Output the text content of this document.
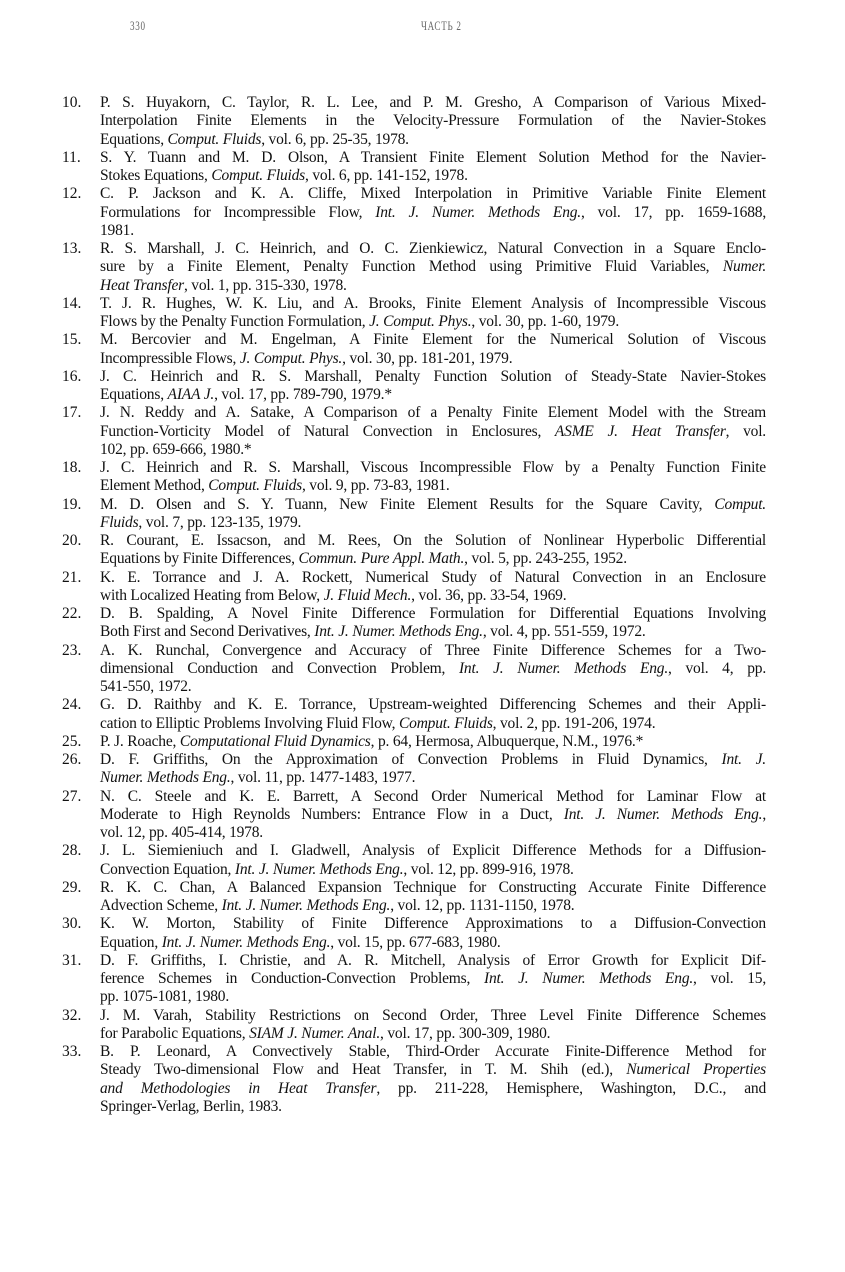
330	ЧАСТЬ 2
10. P. S. Huyakorn, C. Taylor, R. L. Lee, and P. M. Gresho, A Comparison of Various Mixed-
Interpolation Finite Elements in the Velocity-Pressure Formulation of the Navier-Stokes
Equations, Comput. Fluids, vol. 6, pp. 25-35, 1978.
11. S. Y. Tuann and M. D. Olson, A Transient Finite Element Solution Method for the Navier-
Stokes Equations, Comput. Fluids, vol. 6, pp. 141-152, 1978.
12. C. P. Jackson and K. A. Cliffe, Mixed Interpolation in Primitive Variable Finite Element
Formulations for Incompressible Flow, Int. J. Numer. Methods Eng., vol. 17, pp. 1659-1688,
1981.
13. R. S. Marshall, J. C. Heinrich, and O. C. Zienkiewicz, Natural Convection in a Square Enclo-
sure by a Finite Element, Penalty Function Method using Primitive Fluid Variables, Numer.
Heat Transfer, vol. 1, pp. 315-330, 1978.
14. T. J. R. Hughes, W. K. Liu, and A. Brooks, Finite Element Analysis of Incompressible Viscous
Flows by the Penalty Function Formulation, J. Comput. Phys., vol. 30, pp. 1-60, 1979.
15. M. Bercovier and M. Engelman, A Finite Element for the Numerical Solution of Viscous
Incompressible Flows, J. Comput. Phys., vol. 30, pp. 181-201, 1979.
16. J. C. Heinrich and R. S. Marshall, Penalty Function Solution of Steady-State Navier-Stokes
Equations, AIAA J., vol. 17, pp. 789-790, 1979.*
17. J. N. Reddy and A. Satake, A Comparison of a Penalty Finite Element Model with the Stream
Function-Vorticity Model of Natural Convection in Enclosures, ASME J. Heat Transfer, vol.
102, pp. 659-666, 1980.*
18. J. C. Heinrich and R. S. Marshall, Viscous Incompressible Flow by a Penalty Function Finite
Element Method, Comput. Fluids, vol. 9, pp. 73-83, 1981.
19. M. D. Olsen and S. Y. Tuann, New Finite Element Results for the Square Cavity, Comput.
Fluids, vol. 7, pp. 123-135, 1979.
20. R. Courant, E. Issacson, and M. Rees, On the Solution of Nonlinear Hyperbolic Differential
Equations by Finite Differences, Commun. Pure Appl. Math., vol. 5, pp. 243-255, 1952.
21. K. E. Torrance and J. A. Rockett, Numerical Study of Natural Convection in an Enclosure
with Localized Heating from Below, J. Fluid Mech., vol. 36, pp. 33-54, 1969.
22. D. B. Spalding, A Novel Finite Difference Formulation for Differential Equations Involving
Both First and Second Derivatives, Int. J. Numer. Methods Eng., vol. 4, pp. 551-559, 1972.
23. A. K. Runchal, Convergence and Accuracy of Three Finite Difference Schemes for a Two-
dimensional Conduction and Convection Problem, Int. J. Numer. Methods Eng., vol. 4, pp.
541-550, 1972.
24. G. D. Raithby and K. E. Torrance, Upstream-weighted Differencing Schemes and their Appli-
cation to Elliptic Problems Involving Fluid Flow, Comput. Fluids, vol. 2, pp. 191-206, 1974.
25. P. J. Roache, Computational Fluid Dynamics, p. 64, Hermosa, Albuquerque, N.M., 1976.*
26. D. F. Griffiths, On the Approximation of Convection Problems in Fluid Dynamics, Int. J.
Numer. Methods Eng., vol. 11, pp. 1477-1483, 1977.
27. N. C. Steele and K. E. Barrett, A Second Order Numerical Method for Laminar Flow at
Moderate to High Reynolds Numbers: Entrance Flow in a Duct, Int. J. Numer. Methods Eng.,
vol. 12, pp. 405-414, 1978.
28. J. L. Siemieniuch and I. Gladwell, Analysis of Explicit Difference Methods for a Diffusion-
Convection Equation, Int. J. Numer. Methods Eng., vol. 12, pp. 899-916, 1978.
29. R. K. C. Chan, A Balanced Expansion Technique for Constructing Accurate Finite Difference
Advection Scheme, Int. J. Numer. Methods Eng., vol. 12, pp. 1131-1150, 1978.
30. K. W. Morton, Stability of Finite Difference Approximations to a Diffusion-Convection
Equation, Int. J. Numer. Methods Eng., vol. 15, pp. 677-683, 1980.
31. D. F. Griffiths, I. Christie, and A. R. Mitchell, Analysis of Error Growth for Explicit Dif-
ference Schemes in Conduction-Convection Problems, Int. J. Numer. Methods Eng., vol. 15,
pp. 1075-1081, 1980.
32. J. M. Varah, Stability Restrictions on Second Order, Three Level Finite Difference Schemes
for Parabolic Equations, SIAM J. Numer. Anal., vol. 17, pp. 300-309, 1980.
33. B. P. Leonard, A Convectively Stable, Third-Order Accurate Finite-Difference Method for
Steady Two-dimensional Flow and Heat Transfer, in T. M. Shih (ed.), Numerical Properties
and Methodologies in Heat Transfer, pp. 211-228, Hemisphere, Washington, D.C., and
Springer-Verlag, Berlin, 1983.
